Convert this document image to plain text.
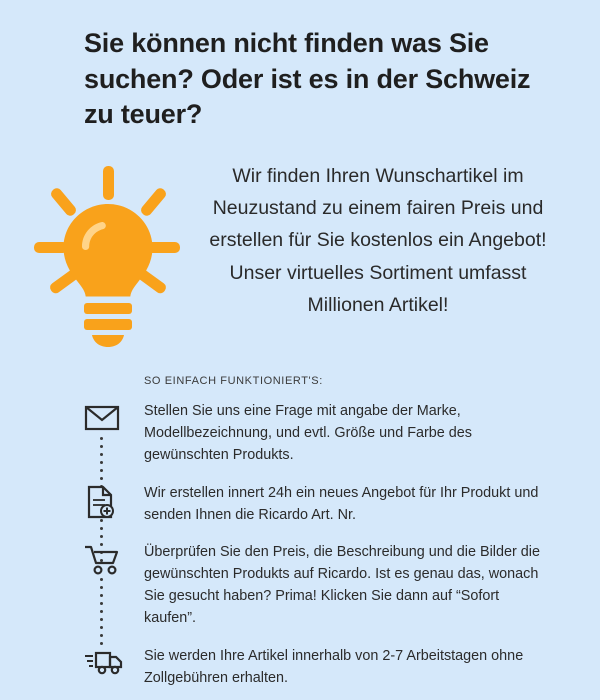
Sie können nicht finden was Sie suchen? Oder ist es in der Schweiz zu teuer?
Wir finden Ihren Wunschartikel im Neuzustand zu einem fairen Preis und erstellen für Sie kostenlos ein Angebot! Unser virtuelles Sortiment umfasst Millionen Artikel!
SO EINFACH FUNKTIONIERT'S:
Stellen Sie uns eine Frage mit angabe der Marke, Modellbezeichnung, und evtl. Größe und Farbe des gewünschten Produkts.
Wir erstellen innert 24h ein neues Angebot für Ihr Produkt und senden Ihnen die Ricardo Art. Nr.
Überprüfen Sie den Preis, die Beschreibung und die Bilder die gewünschten Produkts auf Ricardo. Ist es genau das, wonach Sie gesucht haben? Prima! Klicken Sie dann auf “Sofort kaufen”.
Sie werden Ihre Artikel innerhalb von 2-7 Arbeitstagen ohne Zollgebühren erhalten.
